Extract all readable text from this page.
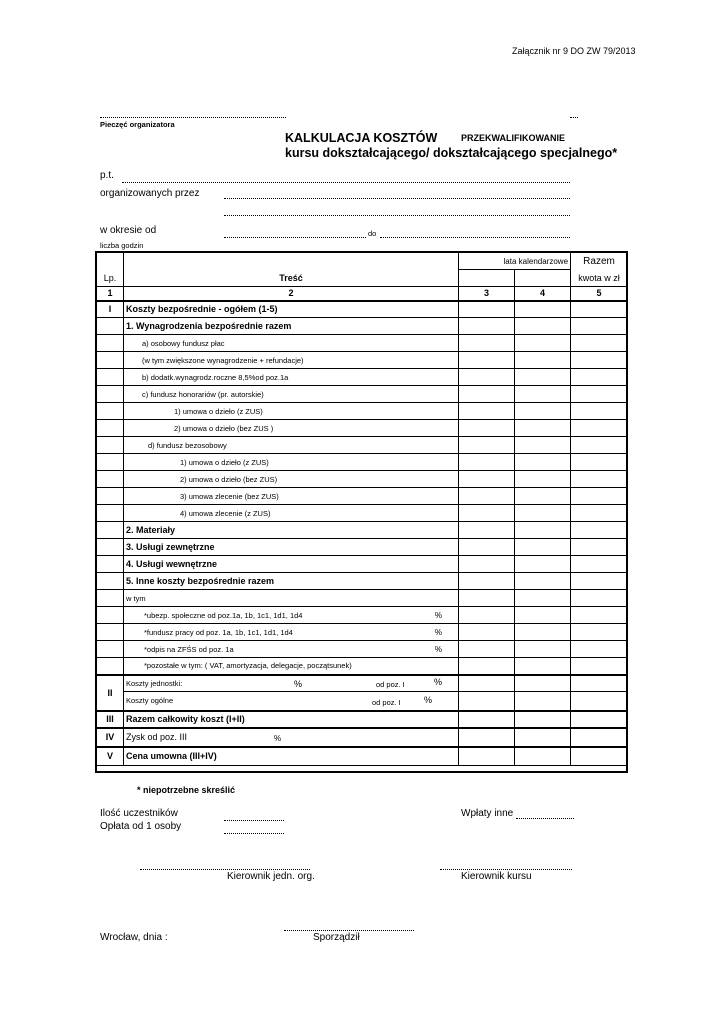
Załącznik nr 9 DO ZW 79/2013
Pieczęć organizatora
KALKULACJA KOSZTÓW	PRZEKWALIFIKOWANIE
kursu dokształcającego/ dokształcającego specjalnego*
p.t.
organizowanych przez
w okresie od	do
liczba godzin
		lata kalendarzowe		Razem
Lp.	Treść			kwota w zł
1	2	3	4	5
I	Koszty bezpośrednie - ogółem (1-5)			
	1. Wynagrodzenia bezpośrednie razem			
	a) osobowy fundusz płac			
	(w tym zwiększone wynagrodzenie + refundacje)			
	b) dodatk.wynagrodz.roczne 8,5%od poz.1a			
	c) fundusz honorariów (pr. autorskie)			
	1) umowa o dzieło (z ZUS)			
	2) umowa o dzieło (bez ZUS )			
	d) fundusz bezosobowy			
	1) umowa o dzieło (z ZUS)			
	2) umowa o dzieło (bez ZUS)			
	3) umowa zlecenie (bez ZUS)			
	4) umowa zlecenie (z ZUS)			
	2. Materiały			
	3. Usługi zewnętrzne			
	4. Usługi wewnętrzne			
	5. Inne koszty bezpośrednie razem			
	w tym			
	*ubezp. społeczne od poz.1a, 1b, 1c1, 1d1, 1d4 %			

	*fundusz pracy od poz. 1a, 1b, 1c1, 1d1, 1d4 %			

	*odpis na ZFŚS od poz. 1a %			

	*pozostałe w tym: ( VAT, amortyzacja, delegacje, początsunek)			
II	Koszty jednostki: % od poz. I %			

	Koszty ogólne od poz. I %			

III	Razem całkowity koszt (I+II)			
IV	Zysk od poz. III %			

V	Cena umowna (III+IV)			
* niepotrzebne skreślić
Ilość uczestników
Opłata od 1 osoby
Wpłaty inne
Kierownik jedn. org.	Kierownik kursu
Wrocław, dnia :	Sporządził
